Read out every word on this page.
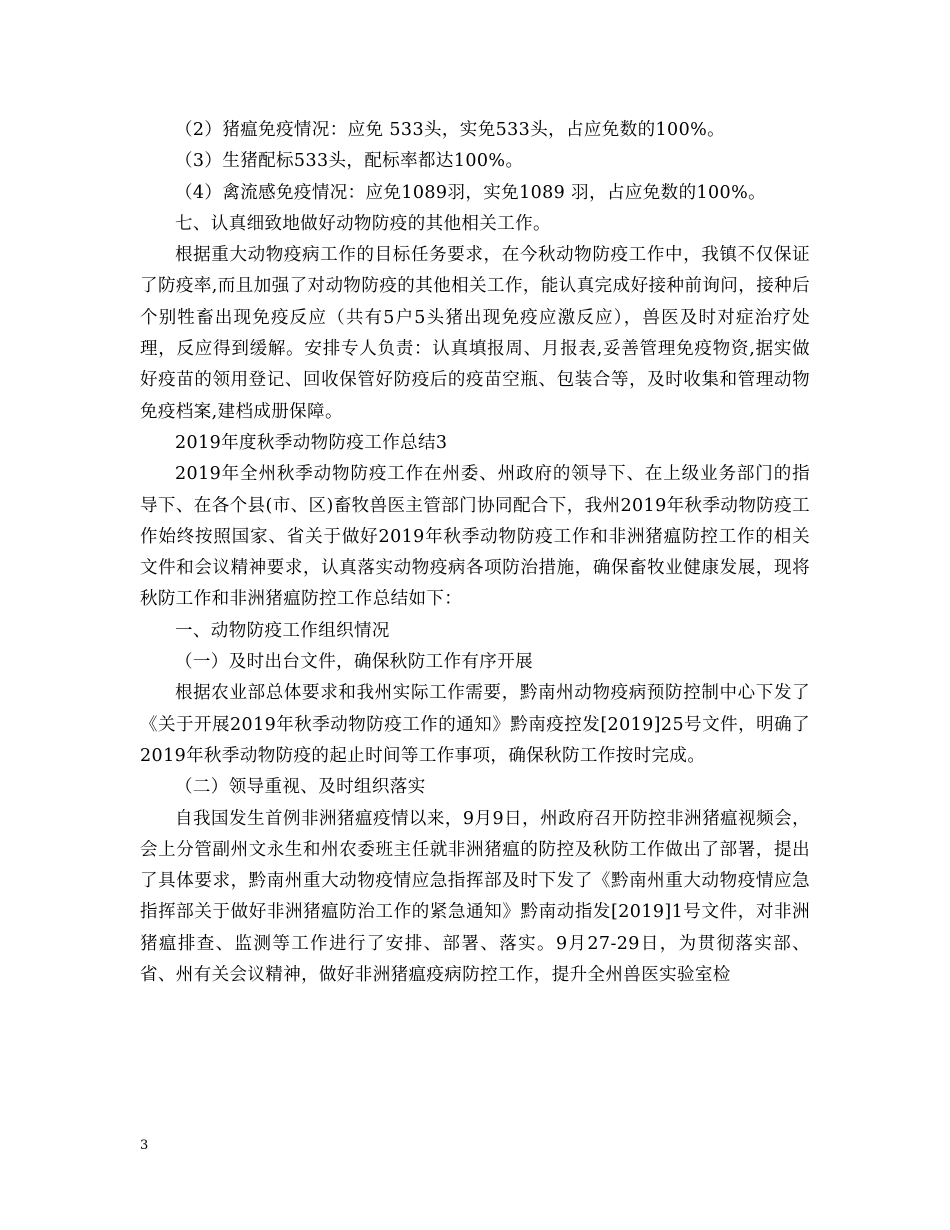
（2）猪瘟免疫情况：应免 533头，实免533头，占应免数的100%。

（3）生猪配标533头，配标率都达100%。

（4）禽流感免疫情况：应免1089羽，实免1089 羽，占应免数的100%。

七、认真细致地做好动物防疫的其他相关工作。

根据重大动物疫病工作的目标任务要求，在今秋动物防疫工作中，我镇不仅保证了防疫率,而且加强了对动物防疫的其他相关工作，能认真完成好接种前询问，接种后个别牲畜出现免疫反应（共有5户5头猪出现免疫应激反应），兽医及时对症治疗处理，反应得到缓解。安排专人负责：认真填报周、月报表,妥善管理免疫物资,据实做好疫苗的领用登记、回收保管好防疫后的疫苗空瓶、包装合等，及时收集和管理动物免疫档案,建档成册保障。

2019年度秋季动物防疫工作总结3

2019年全州秋季动物防疫工作在州委、州政府的领导下、在上级业务部门的指导下、在各个县(市、区)畜牧兽医主管部门协同配合下，我州2019年秋季动物防疫工作始终按照国家、省关于做好2019年秋季动物防疫工作和非洲猪瘟防控工作的相关文件和会议精神要求，认真落实动物疫病各项防治措施，确保畜牧业健康发展，现将秋防工作和非洲猪瘟防控工作总结如下：

一、动物防疫工作组织情况

（一）及时出台文件，确保秋防工作有序开展

根据农业部总体要求和我州实际工作需要，黔南州动物疫病预防控制中心下发了《关于开展2019年秋季动物防疫工作的通知》黔南疫控发[2019]25号文件，明确了2019年秋季动物防疫的起止时间等工作事项，确保秋防工作按时完成。

（二）领导重视、及时组织落实

自我国发生首例非洲猪瘟疫情以来，9月9日，州政府召开防控非洲猪瘟视频会，会上分管副州文永生和州农委班主任就非洲猪瘟的防控及秋防工作做出了部署，提出了具体要求，黔南州重大动物疫情应急指挥部及时下发了《黔南州重大动物疫情应急指挥部关于做好非洲猪瘟防治工作的紧急通知》黔南动指发[2019]1号文件，对非洲猪瘟排查、监测等工作进行了安排、部署、落实。9月27-29日，为贯彻落实部、省、州有关会议精神，做好非洲猪瘟疫病防控工作，提升全州兽医实验室检

3
